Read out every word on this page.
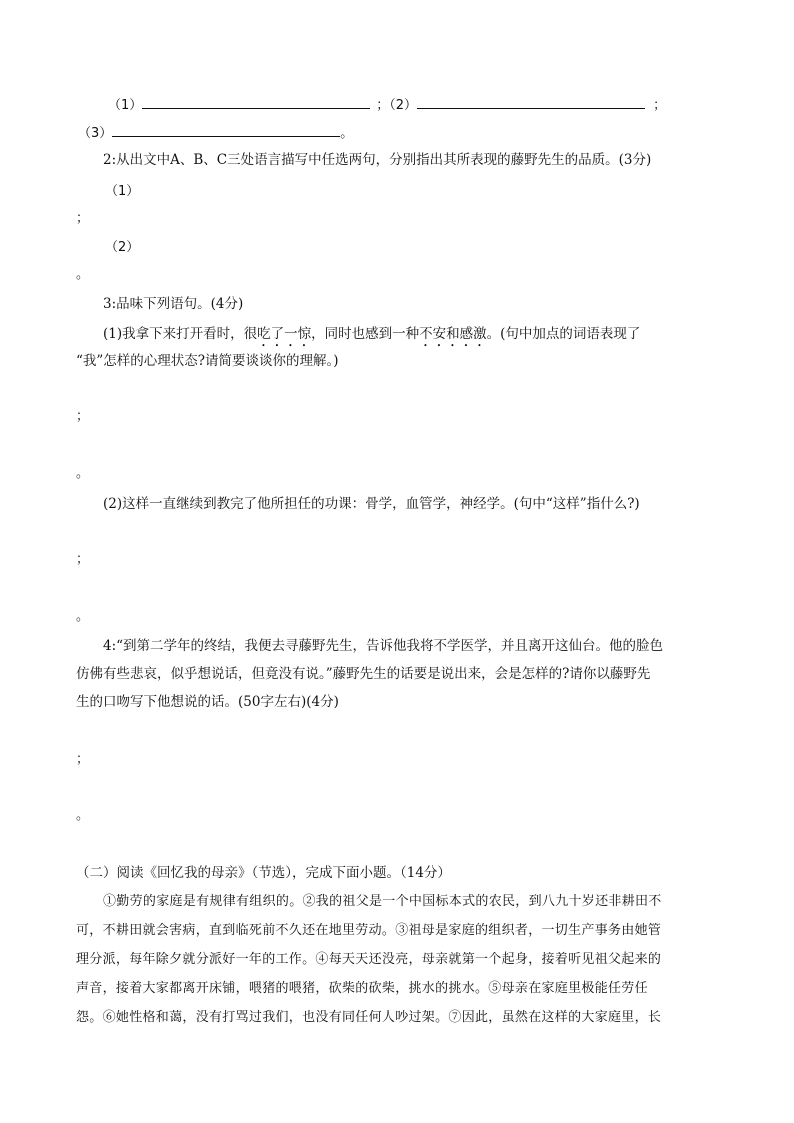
（1）	；（2）	；
（3）	。
2:从出文中A、B、C三处语言描写中任选两句，分别指出其所表现的藤野先生的品质。(3分)
（1）
；
（2）
。
3:品味下列语句。(4分)
(1)我拿下来打开看时，很吃了一惊，同时也感到一种不安和感激。(句中加点的词语表现了
“我”怎样的心理状态?请简要谈谈你的理解。)
；
。
(2)这样一直继续到教完了他所担任的功课：骨学，血管学，神经学。(句中“这样”指什么?)
；
。
4:“到第二学年的终结，我便去寻藤野先生，告诉他我将不学医学，并且离开这仙台。他的脸色
仿佛有些悲哀，似乎想说话，但竟没有说。”藤野先生的话要是说出来，会是怎样的?请你以藤野先
生的口吻写下他想说的话。(50字左右)(4分)
；
。
（二）阅读《回忆我的母亲》（节选），完成下面小题。（14分）
①勤劳的家庭是有规律有组织的。②我的祖父是一个中国标本式的农民，到八九十岁还非耕田不
可，不耕田就会害病，直到临死前不久还在地里劳动。③祖母是家庭的组织者，一切生产事务由她管
理分派，每年除夕就分派好一年的工作。④每天天还没亮，母亲就第一个起身，接着听见祖父起来的
声音，接着大家都离开床铺，喂猪的喂猪，砍柴的砍柴，挑水的挑水。⑤母亲在家庭里极能任劳任
怨。⑥她性格和蔼，没有打骂过我们，也没有同任何人吵过架。⑦因此，虽然在这样的大家庭里，长
